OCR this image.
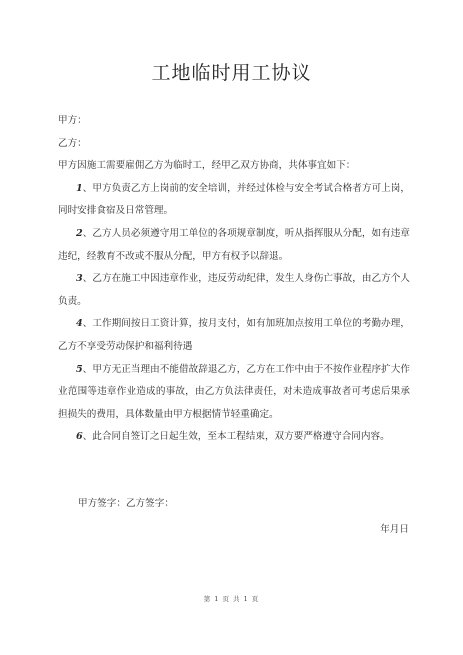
工地临时用工协议

甲方：

乙方：

甲方因施工需要雇佣乙方为临时工，经甲乙双方协商，共体事宜如下：

1、甲方负责乙方上岗前的安全培训，并经过体检与安全考试合格者方可上岗，同时安排食宿及日常管理。

2、乙方人员必须遵守用工单位的各项规章制度，听从指挥服从分配，如有违章违纪，经教育不改或不服从分配，甲方有权予以辞退。

3、乙方在施工中因违章作业，违反劳动纪律，发生人身伤亡事故，由乙方个人负责。

4、工作期间按日工资计算，按月支付，如有加班加点按用工单位的考勤办理，乙方不享受劳动保护和福利待遇

5、甲方无正当理由不能借故辞退乙方，乙方在工作中由于不按作业程序扩大作业范围等违章作业造成的事故，由乙方负法律责任，对未造成事故者可考虑后果承担损失的费用，具体数量由甲方根据情节轻重确定。

6、此合同自签订之日起生效，至本工程结束，双方要严格遵守合同内容。

甲方签字：乙方签字：
年月日
第 1 页 共 1 页
